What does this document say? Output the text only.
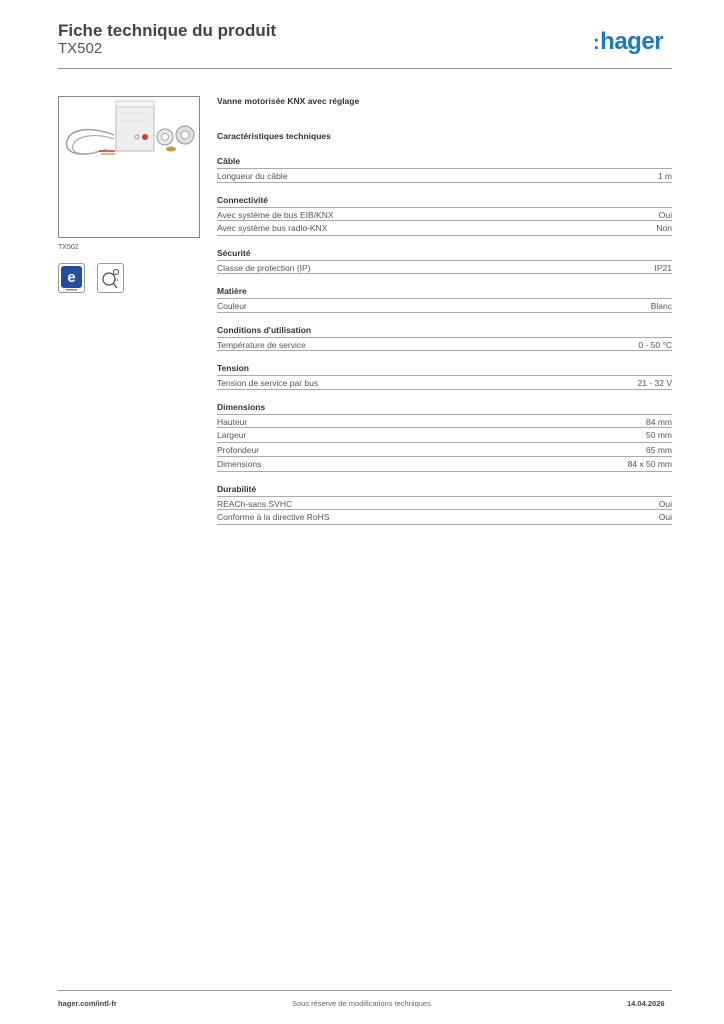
Fiche technique du produit
TX502	:hager
TX502
e	24
Vanne motorisée KNX avec réglage
Caractéristiques techniques
Câble
Longueur du câble	1 m
Connectivité
Avec système de bus EIB/KNX	Oui
Avec système bus radio-KNX	Non
Sécurité
Classe de protection (IP)	IP21
Matière
Couleur	Blanc
Conditions d'utilisation
Température de service	0 - 50 °C
Tension
Tension de service par bus	21 - 32 V
Dimensions
Hauteur	84 mm
Largeur	50 mm
Profondeur	65 mm
Dimensions	84 x 50 mm
Durabilité
REACh-sans SVHC	Oui
Conforme à la directive RoHS	Oui
hager.com/intl-fr	Sous réserve de modifications techniques	14.04.2026
